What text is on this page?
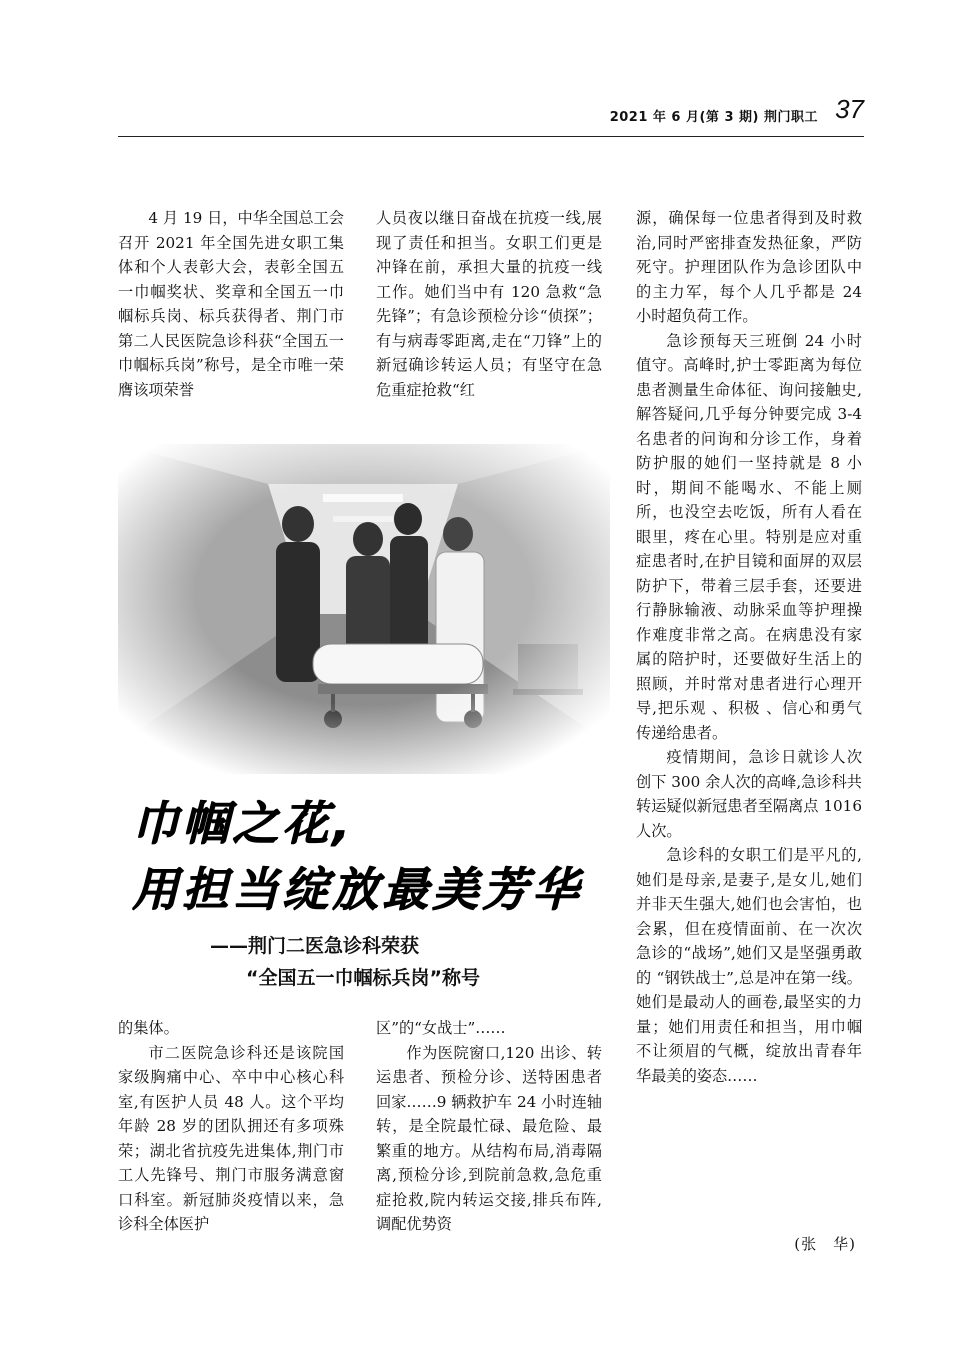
2021 年 6 月(第 3 期) 荆门职工 37

4 月 19 日，中华全国总工会召开 2021 年全国先进女职工集体和个人表彰大会，表彰全国五一巾帼奖状、奖章和全国五一巾帼标兵岗、标兵获得者、荆门市第二人民医院急诊科获“全国五一巾帼标兵岗”称号，是全市唯一荣膺该项荣誉

人员夜以继日奋战在抗疫一线,展现了责任和担当。女职工们更是冲锋在前，承担大量的抗疫一线工作。她们当中有 120 急救“急先锋”；有急诊预检分诊“侦探”；有与病毒零距离,走在“刀锋”上的新冠确诊转运人员；有坚守在急危重症抢救“红

源，确保每一位患者得到及时救治,同时严密排查发热征象，严防死守。护理团队作为急诊团队中的主力军，每个人几乎都是 24 小时超负荷工作。

急诊预每天三班倒 24 小时值守。高峰时,护士零距离为每位患者测量生命体征、询问接触史,解答疑问,几乎每分钟要完成 3-4 名患者的问询和分诊工作，身着防护服的她们一坚持就是 8 小时，期间不能喝水、不能上厕所，也没空去吃饭，所有人看在眼里，疼在心里。特别是应对重症患者时,在护目镜和面屏的双层防护下，带着三层手套，还要进行静脉输液、动脉采血等护理操作难度非常之高。在病患没有家属的陪护时，还要做好生活上的照顾，并时常对患者进行心理开导,把乐观 、积极 、信心和勇气传递给患者。

疫情期间，急诊日就诊人次创下 300 余人次的高峰,急诊科共转运疑似新冠患者至隔离点 1016 人次。

急诊科的女职工们是平凡的,她们是母亲,是妻子,是女儿,她们并非天生强大,她们也会害怕，也会累，但在疫情面前、在一次次急诊的“战场”,她们又是坚强勇敢的 “钢铁战士”,总是冲在第一线。她们是最动人的画卷,最坚实的力量；她们用责任和担当，用巾帼不让须眉的气概，绽放出青春年华最美的姿态……

巾帼之花,
用担当绽放最美芳华
——荆门二医急诊科荣获
“全国五一巾帼标兵岗”称号

的集体。

市二医院急诊科还是该院国家级胸痛中心、卒中中心核心科室,有医护人员 48 人。这个平均年龄 28 岁的团队拥还有多项殊荣；湖北省抗疫先进集体,荆门市工人先锋号、荆门市服务满意窗口科室。新冠肺炎疫情以来，急诊科全体医护

区”的“女战士”……

作为医院窗口,120 出诊、转运患者、预检分诊、送特困患者回家……9 辆救护车 24 小时连轴转，是全院最忙碌、最危险、最繁重的地方。从结构布局,消毒隔离,预检分诊,到院前急救,急危重症抢救,院内转运交接,排兵布阵,调配优势资

(张　华)
